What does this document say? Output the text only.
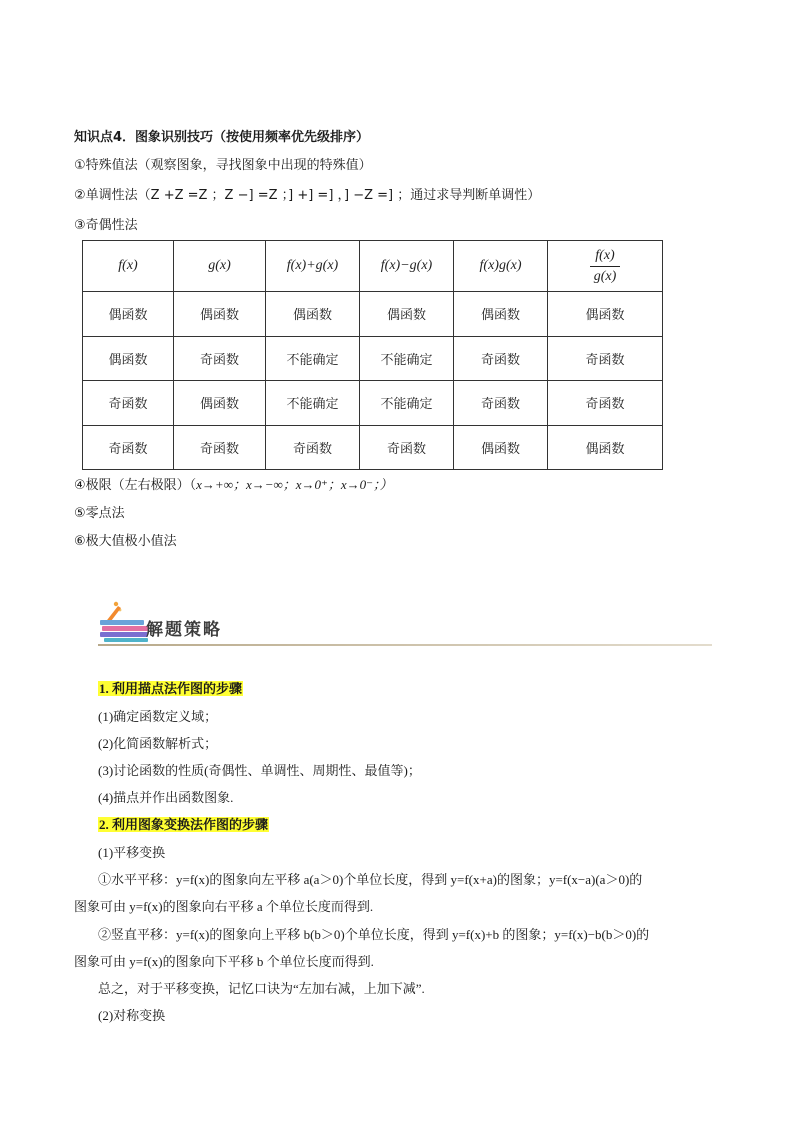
知识点4．图象识别技巧（按使用频率优先级排序）
①特殊值法（观察图象，寻找图象中出现的特殊值）
②单调性法（Z +Z =Z ；Z −] =Z ；] +] =] ，] −Z =] ；通过求导判断单调性）
③奇偶性法
f(x)	g(x)	f(x)+g(x)	f(x)−g(x)	f(x)g(x)	$\frac{f(x)}{g(x)}$

偶函数	偶函数	偶函数	偶函数	偶函数	偶函数
偶函数	奇函数	不能确定	不能确定	奇函数	奇函数
奇函数	偶函数	不能确定	不能确定	奇函数	奇函数
奇函数	奇函数	奇函数	奇函数	偶函数	偶函数
④极限（左右极限）（x→+∞；x→−∞；x→0⁺；x→0⁻；）
⑤零点法
⑥极大值极小值法
解题策略
1. 利用描点法作图的步骤
(1)确定函数定义域；
(2)化简函数解析式；
(3)讨论函数的性质(奇偶性、单调性、周期性、最值等)；
(4)描点并作出函数图象.
2. 利用图象变换法作图的步骤
(1)平移变换
①水平平移：y=f(x)的图象向左平移 a(a＞0)个单位长度，得到 y=f(x+a)的图象；y=f(x−a)(a＞0)的
图象可由 y=f(x)的图象向右平移 a 个单位长度而得到.
②竖直平移：y=f(x)的图象向上平移 b(b＞0)个单位长度，得到 y=f(x)+b 的图象；y=f(x)−b(b＞0)的
图象可由 y=f(x)的图象向下平移 b 个单位长度而得到.
总之，对于平移变换，记忆口诀为“左加右减，上加下减”.
(2)对称变换
